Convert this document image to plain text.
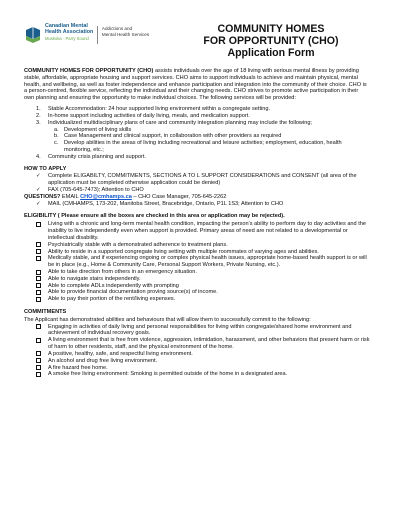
Canadian Mental
Health Association
Muskoka · Parry Sound
Addictions and
Mental Health Services	COMMUNITY HOMES
FOR OPPORTUNITY (CHO)
Application Form

COMMUNITY HOMES FOR OPPORTUNITY (CHO) assists individuals over the age of 18 living with serious mental illness by providing stable, affordable, appropriate housing and support services. CHO aims to support individuals to achieve and maintain physical, mental health, and wellbeing, as well as foster independence and enhance participation and integration into the community of their choice. CHO is a person-centred, flexible service, reflecting the individual and their changing needs. CHO strives to promote active participation in their own planning and ensuring the opportunity to make individual choices. The following services will be provided:

1. Stable Accommodation: 24 hour supported living environment within a congregate setting.
2. In-home support including activities of daily living, meals, and medication support.
3. Individualized multidisciplinary plans of care and community integration planning may include the following;
a. Development of living skills
b. Case Management and clinical support, in collaboration with other providers as required
c. Develop abilities in the areas of living including recreational and leisure activities; employment, education, health monitoring, etc.;
4. Community crisis planning and support.
HOW TO APPLY
✓ Complete ELIGABILTY, COMMITMENTS, SECTIONS A TO L SUPPORT CONSIDERATIONS and CONSENT (all area of the application must be completed otherwise application could be denied)
✓ FAX (705-645-7473); Attention to CHO
QUESTIONS? EMAIL CHO@cmhamps.ca – CHO Case Manager, 705-645-2262
✓ MAIL (CMHAMPS, 173-202, Manitoba Street, Bracebridge, Ontario, P1L 1S3; Attention to CHO
ELIGIBILITY ( Please ensure all the boxes are checked in this area or application may be rejected).
Living with a chronic and long-term mental health condition, impacting the person’s ability to perform day to day activities and the inability to live independently even when support is provided. Primary areas of need are not related to a developmental or intellectual disability.
Psychiatrically stable with a demonstrated adherence to treatment plans.
Ability to reside in a supported congregate living setting with multiple roommates of varying ages and abilities.
Medically stable, and if experiencing ongoing or complex physical health issues, appropriate home-based health support is or will be in place (e.g., Home & Community Care, Personal Support Workers, Private Nursing, etc.).
Able to take direction from others in an emergency situation.
Able to navigate stairs independently.
Able to complete ADLs independently with prompting
Able to provide financial documentation proving source(s) of income.
Able to pay their portion of the rent/living expenses.
COMMITMENTS
The Applicant has demonstrated abilities and behaviours that will allow them to successfully commit to the following:
Engaging in activities of daily living and personal responsibilities for living within congregate/shared home environment and achievement of individual recovery goals.
A living environment that is free from violence, aggression, intimidation, harassment, and other behaviors that present harm or risk of harm to other residents, staff, and the physical environment of the home.
A positive, healthy, safe, and respectful living environment.
An alcohol and drug free living environment.
A fire hazard free home.
A smoke free living environment: Smoking is permitted outside of the home in a designated area.
